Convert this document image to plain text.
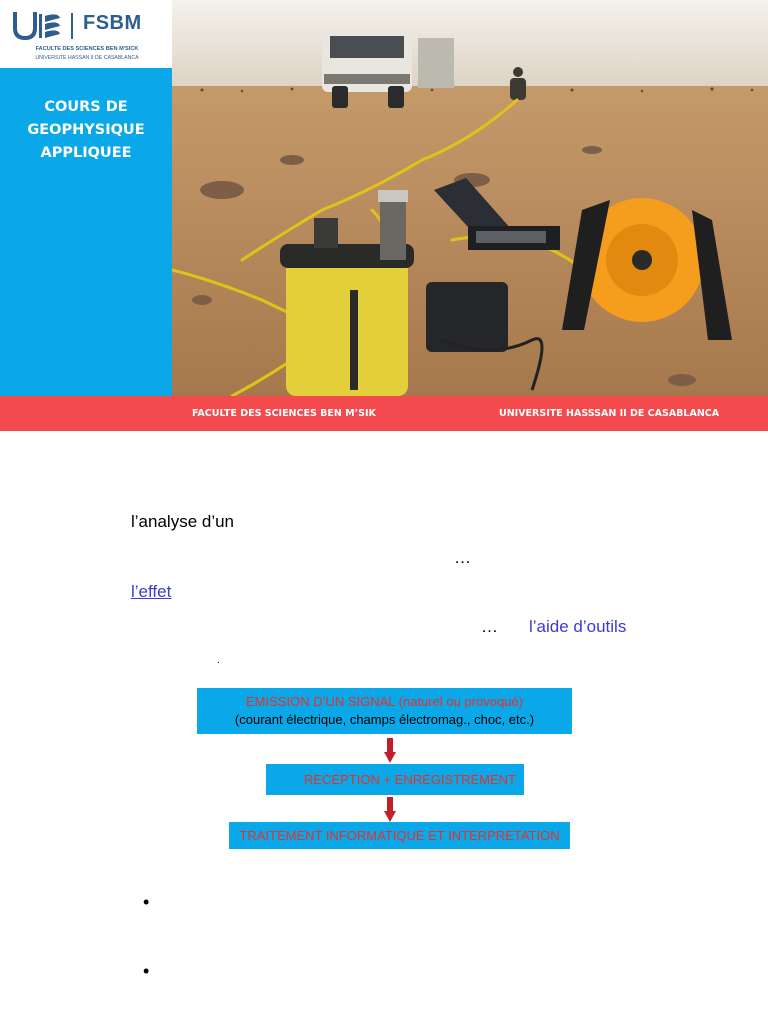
FSBM
FACULTE DES SCIENCES BEN M'SICK
UNIVERSITE HASSAN II DE CASABLANCA
COURS DE
GEOPHYSIQUE
APPLIQUEE
FACULTE DES SCIENCES BEN M’SIK	UNIVERSITE HASSSAN II DE CASABLANCA
l’analyse d’un
…
l’effet
… l’aide d’outils
.
EMISSION D’UN SIGNAL (naturel ou provoqué)
(courant électrique, champs électromag., choc, etc.)
RECEPTION + ENREGISTREMENT
TRAITEMENT INFORMATIQUE ET INTERPRETATION
•
•
